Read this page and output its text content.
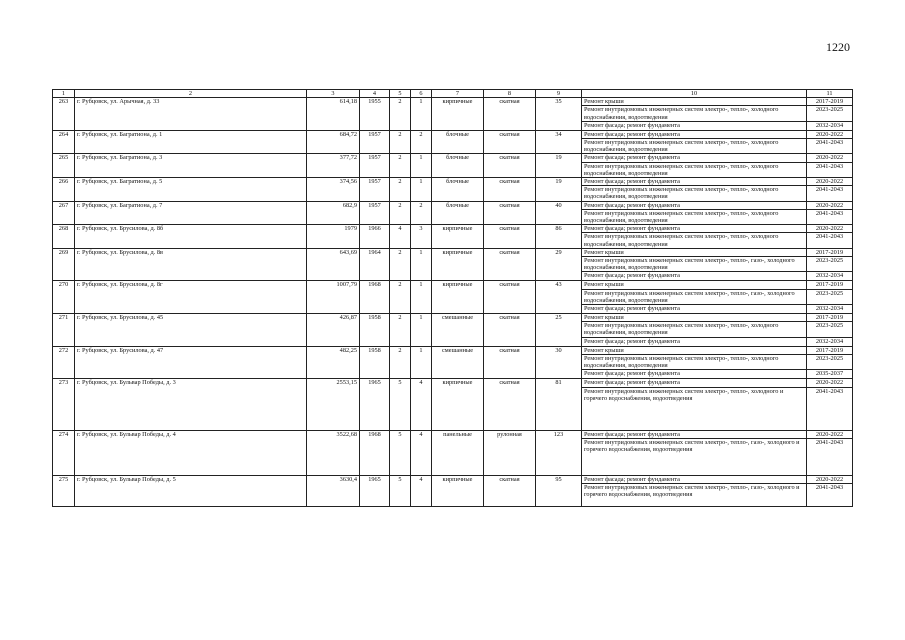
1220
1	2	3	4	5	6	7	8	9	10	11
263	г. Рубцовск, ул. Арычная, д. 33	614,18	1955	2	1	кирпичные	скатная	35	Ремонт крыши	2017-2019
									Ремонт внутридомовых инженерных систем электро-, тепло-, холодного водоснабжения, водоотведения	2023-2025
									Ремонт фасада; ремонт фундамента	2032-2034
264	г. Рубцовск, ул. Багратиона, д. 1	684,72	1957	2	2	блочные	скатная	34	Ремонт фасада; ремонт фундамента	2020-2022
									Ремонт внутридомовых инженерных систем электро-, тепло-, холодного водоснабжения, водоотведения	2041-2043
265	г. Рубцовск, ул. Багратиона, д. 3	377,72	1957	2	1	блочные	скатная	19	Ремонт фасада; ремонт фундамента	2020-2022
									Ремонт внутридомовых инженерных систем электро-, тепло-, холодного водоснабжения, водоотведения	2041-2043
266	г. Рубцовск, ул. Багратиона, д. 5	374,56	1957	2	1	блочные	скатная	19	Ремонт фасада; ремонт фундамента	2020-2022
									Ремонт внутридомовых инженерных систем электро-, тепло-, холодного водоснабжения, водоотведения	2041-2043
267	г. Рубцовск, ул. Багратиона, д. 7	682,9	1957	2	2	блочные	скатная	40	Ремонт фасада; ремонт фундамента	2020-2022
									Ремонт внутридомовых инженерных систем электро-, тепло-, холодного водоснабжения, водоотведения	2041-2043
268	г. Рубцовск, ул. Брусилова, д. 8б	1979	1966	4	3	кирпичные	скатная	86	Ремонт фасада; ремонт фундамента	2020-2022
									Ремонт внутридомовых инженерных систем электро-, тепло-, холодного водоснабжения, водоотведения	2041-2043
269	г. Рубцовск, ул. Брусилова, д. 8в	643,69	1964	2	1	кирпичные	скатная	29	Ремонт крыши	2017-2019
									Ремонт внутридомовых инженерных систем электро-, тепло-, газо-, холодного водоснабжения, водоотведения	2023-2025
									Ремонт фасада; ремонт фундамента	2032-2034
270	г. Рубцовск, ул. Брусилова, д. 8г	1007,79	1968	2	1	кирпичные	скатная	43	Ремонт крыши	2017-2019
									Ремонт внутридомовых инженерных систем электро-, тепло-, газо-, холодного водоснабжения, водоотведения	2023-2025
									Ремонт фасада; ремонт фундамента	2032-2034
271	г. Рубцовск, ул. Брусилова, д. 45	426,87	1958	2	1	смешанные	скатная	25	Ремонт крыши	2017-2019
									Ремонт внутридомовых инженерных систем электро-, тепло-, холодного водоснабжения, водоотведения	2023-2025
									Ремонт фасада; ремонт фундамента	2032-2034
272	г. Рубцовск, ул. Брусилова, д. 47	482,25	1958	2	1	смешанные	скатная	30	Ремонт крыши	2017-2019
									Ремонт внутридомовых инженерных систем электро-, тепло-, холодного водоснабжения, водоотведения	2023-2025
									Ремонт фасада; ремонт фундамента	2035-2037
273	г. Рубцовск, ул. Бульвар Победы, д. 3	2553,15	1965	5	4	кирпичные	скатная	81	Ремонт фасада; ремонт фундамента	2020-2022
									Ремонт внутридомовых инженерных систем электро-, тепло-, холодного и горячего водоснабжения, водоотведения	2041-2043
274	г. Рубцовск, ул. Бульвар Победы, д. 4	3522,68	1968	5	4	панельные	рулонная	123	Ремонт фасада; ремонт фундамента	2020-2022
									Ремонт внутридомовых инженерных систем электро-, тепло-, газо-, холодного и горячего водоснабжения, водоотведения	2041-2043
275	г. Рубцовск, ул. Бульвар Победы, д. 5	3630,4	1965	5	4	кирпичные	скатная	95	Ремонт фасада; ремонт фундамента	2020-2022
									Ремонт внутридомовых инженерных систем электро-, тепло-, газо-, холодного и горячего водоснабжения, водоотведения	2041-2043
